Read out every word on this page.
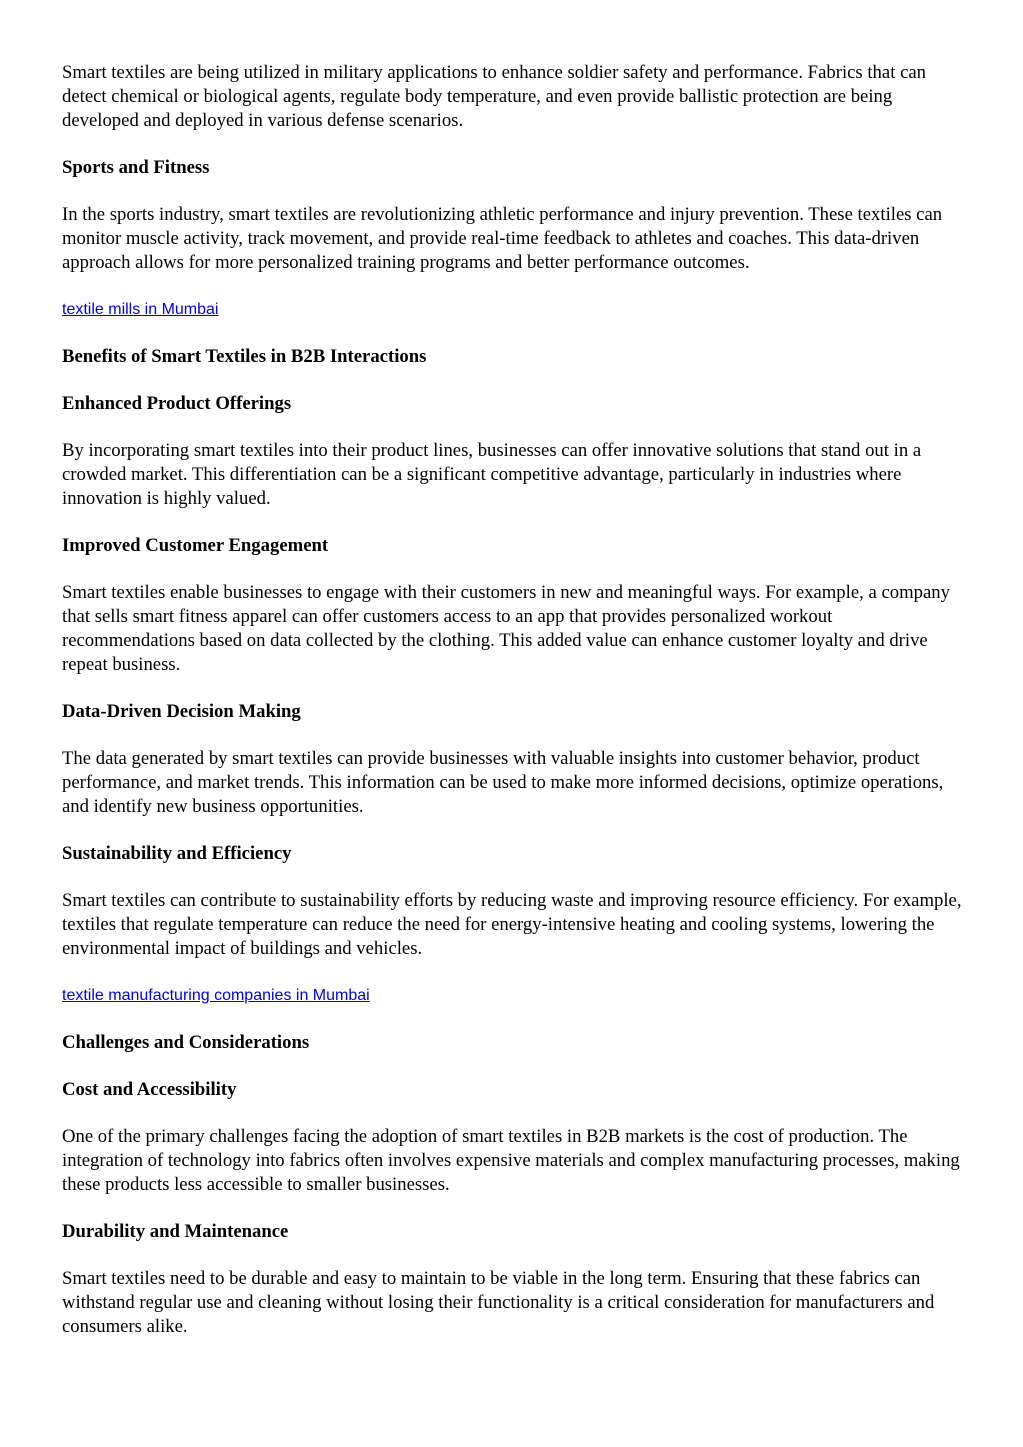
Smart textiles are being utilized in military applications to enhance soldier safety and performance. Fabrics that can detect chemical or biological agents, regulate body temperature, and even provide ballistic protection are being developed and deployed in various defense scenarios.

Sports and Fitness

In the sports industry, smart textiles are revolutionizing athletic performance and injury prevention. These textiles can monitor muscle activity, track movement, and provide real-time feedback to athletes and coaches. This data-driven approach allows for more personalized training programs and better performance outcomes.

textile mills in Mumbai

Benefits of Smart Textiles in B2B Interactions

Enhanced Product Offerings

By incorporating smart textiles into their product lines, businesses can offer innovative solutions that stand out in a crowded market. This differentiation can be a significant competitive advantage, particularly in industries where innovation is highly valued.

Improved Customer Engagement

Smart textiles enable businesses to engage with their customers in new and meaningful ways. For example, a company that sells smart fitness apparel can offer customers access to an app that provides personalized workout recommendations based on data collected by the clothing. This added value can enhance customer loyalty and drive repeat business.

Data-Driven Decision Making

The data generated by smart textiles can provide businesses with valuable insights into customer behavior, product performance, and market trends. This information can be used to make more informed decisions, optimize operations, and identify new business opportunities.

Sustainability and Efficiency

Smart textiles can contribute to sustainability efforts by reducing waste and improving resource efficiency. For example, textiles that regulate temperature can reduce the need for energy-intensive heating and cooling systems, lowering the environmental impact of buildings and vehicles.

textile manufacturing companies in Mumbai

Challenges and Considerations

Cost and Accessibility

One of the primary challenges facing the adoption of smart textiles in B2B markets is the cost of production. The integration of technology into fabrics often involves expensive materials and complex manufacturing processes, making these products less accessible to smaller businesses.

Durability and Maintenance

Smart textiles need to be durable and easy to maintain to be viable in the long term. Ensuring that these fabrics can withstand regular use and cleaning without losing their functionality is a critical consideration for manufacturers and consumers alike.
